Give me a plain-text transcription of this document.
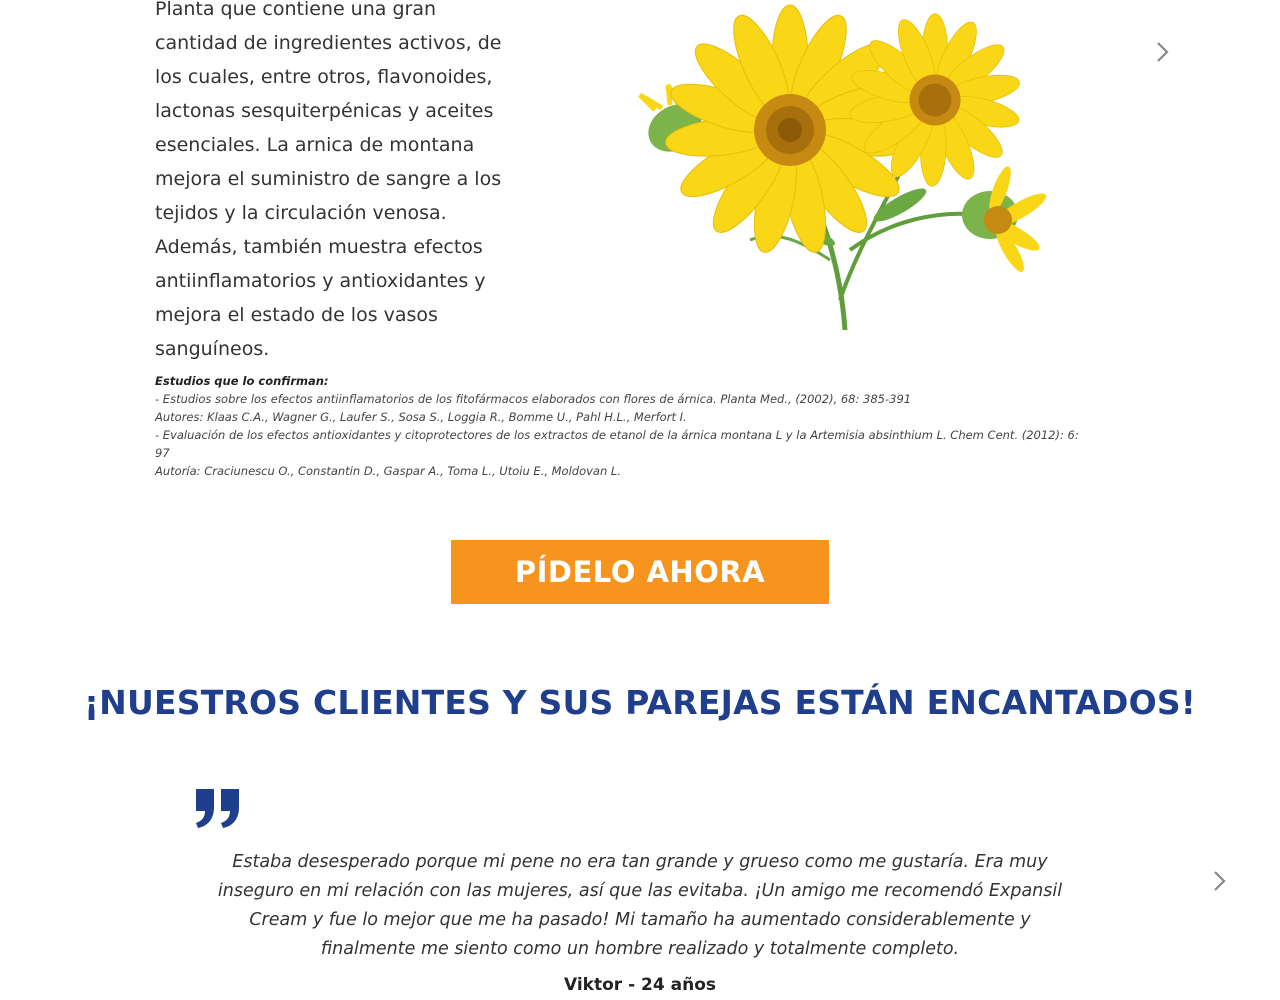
Planta que contiene una gran
cantidad de ingredientes activos, de
los cuales, entre otros, flavonoides,
lactonas sesquiterpénicas y aceites
esenciales. La arnica de montana
mejora el suministro de sangre a los
tejidos y la circulación venosa.
Además, también muestra efectos
antiinflamatorios y antioxidantes y
mejora el estado de los vasos
sanguíneos.

Estudios que lo confirman:
- Estudios sobre los efectos antiinflamatorios de los fitofármacos elaborados con flores de árnica. Planta Med., (2002), 68: 385-391
Autores: Klaas C.A., Wagner G., Laufer S., Sosa S., Loggia R., Bomme U., Pahl H.L., Merfort I.
- Evaluación de los efectos antioxidantes y citoprotectores de los extractos de etanol de la árnica montana L y la Artemisia absinthium L. Chem Cent. (2012): 6:
97
Autoría: Craciunescu O., Constantin D., Gaspar A., Toma L., Utoiu E., Moldovan L.
PÍDELO AHORA
¡NUESTROS CLIENTES Y SUS PAREJAS ESTÁN ENCANTADOS!
Estaba desesperado porque mi pene no era tan grande y grueso como me gustaría. Era muy
inseguro en mi relación con las mujeres, así que las evitaba. ¡Un amigo me recomendó Expansil
Cream y fue lo mejor que me ha pasado! Mi tamaño ha aumentado considerablemente y
finalmente me siento como un hombre realizado y totalmente completo.
Viktor - 24 años
